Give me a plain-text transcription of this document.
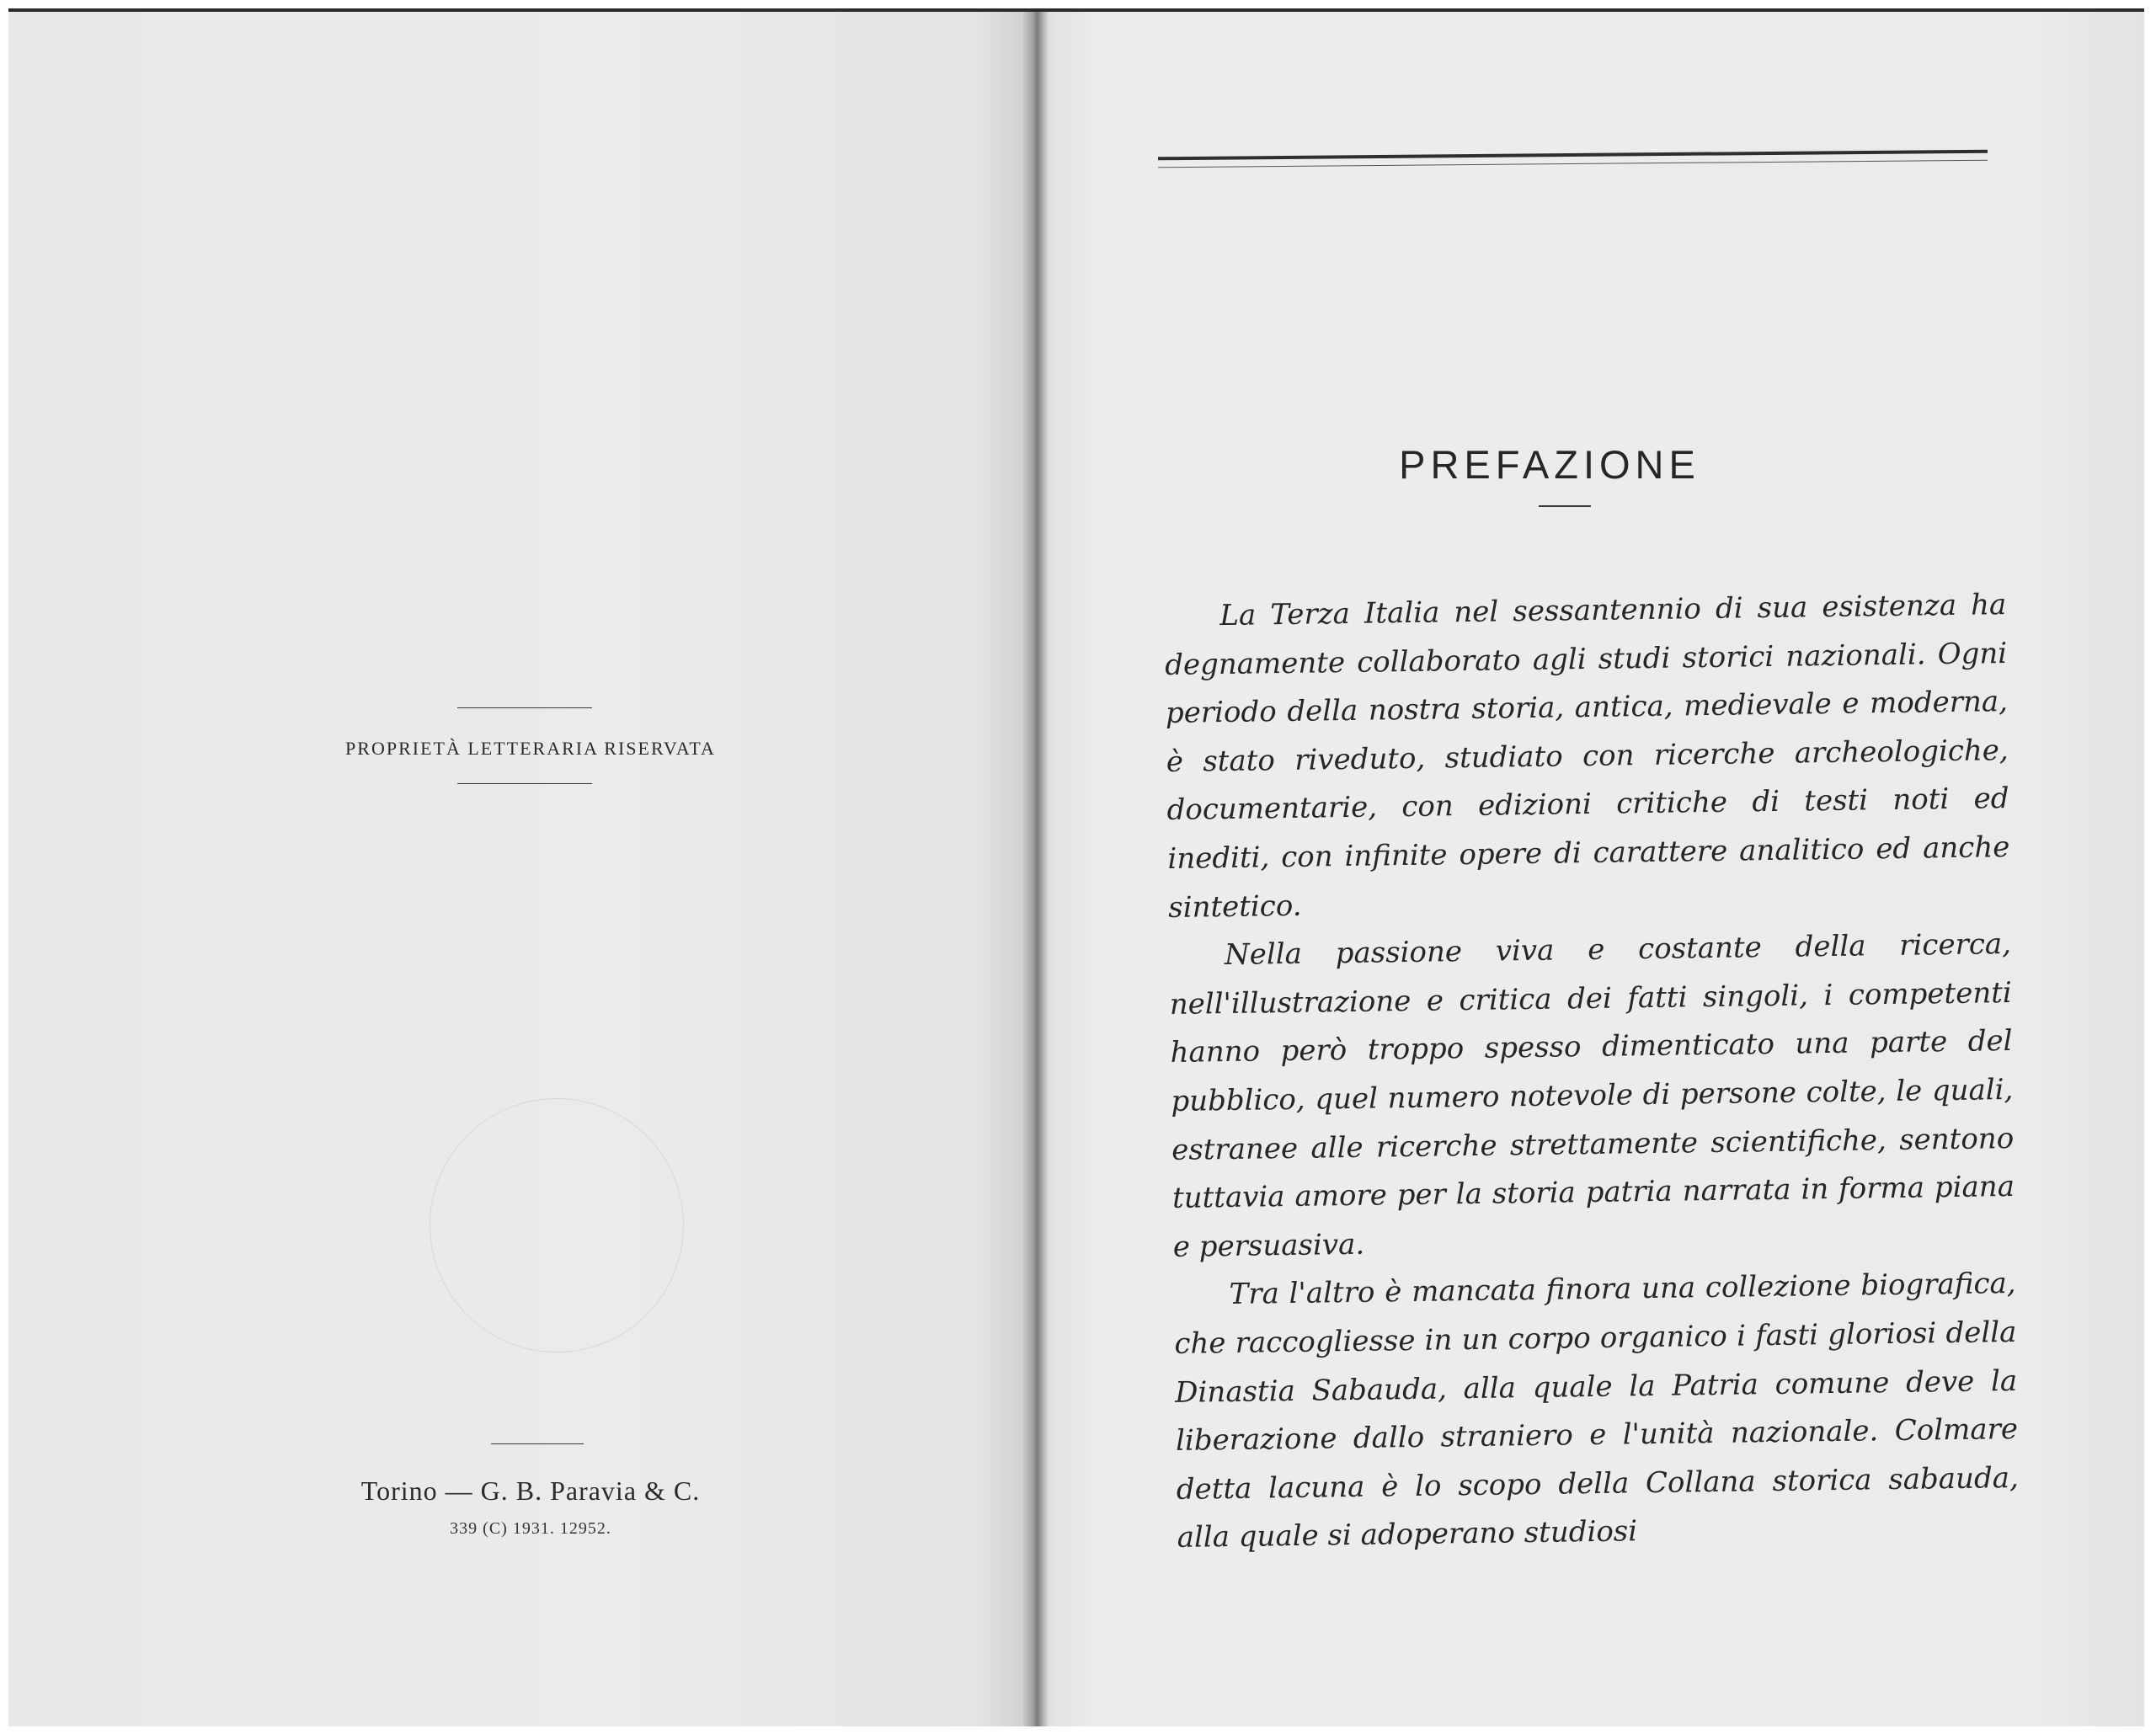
PROPRIETÀ LETTERARIA RISERVATA
Torino — G. B. Paravia & C.
339 (C) 1931. 12952.
PREFAZIONE

La Terza Italia nel sessantennio di sua esistenza ha degnamente collaborato agli studi storici nazionali. Ogni periodo della nostra storia, antica, medievale e moderna, è stato riveduto, studiato con ricerche archeologiche, documentarie, con edizioni critiche di testi noti ed inediti, con infinite opere di carattere analitico ed anche sintetico.

Nella passione viva e costante della ricerca, nell'illustrazione e critica dei fatti singoli, i competenti hanno però troppo spesso dimenticato una parte del pubblico, quel numero notevole di persone colte, le quali, estranee alle ricerche strettamente scientifiche, sentono tuttavia amore per la storia patria narrata in forma piana e persuasiva.

Tra l'altro è mancata finora una collezione biografica, che raccogliesse in un corpo organico i fasti gloriosi della Dinastia Sabauda, alla quale la Patria comune deve la liberazione dallo straniero e l'unità nazionale. Colmare detta lacuna è lo scopo della Collana storica sabauda, alla quale si adoperano studiosi
